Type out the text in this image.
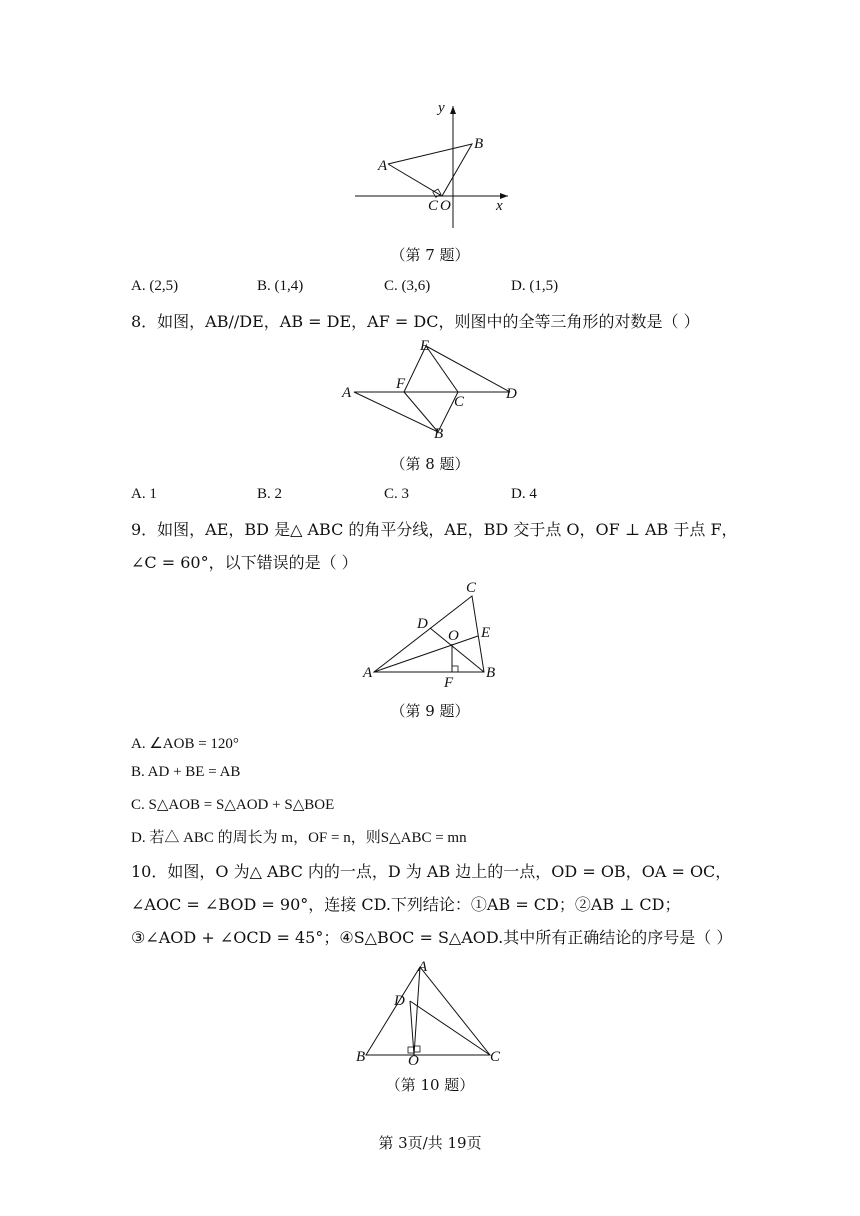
y
B
A
C O	x
（第 7 题）
A. (2,5)	B. (1,4)	C. (3,6)	D. (1,5)
8．如图，AB//DE，AB = DE，AF = DC，则图中的全等三角形的对数是（ ）
E
F
A
C	D
B
（第 8 题）
A. 1	B. 2	C. 3	D. 4
9．如图，AE，BD 是△ ABC 的角平分线，AE，BD 交于点 O，OF ⊥ AB 于点 F，
∠C = 60°，以下错误的是（ ）
C
D
O E
A
F
B
（第 9 题）
A. ∠AOB = 120°
B. AD + BE = AB
C. S△AOB = S△AOD + S△BOE
D. 若△ ABC 的周长为 m，OF = n，则S△ABC = mn
10．如图，O 为△ ABC 内的一点，D 为 AB 边上的一点，OD = OB，OA = OC，
∠AOC = ∠BOD = 90°，连接 CD.下列结论：①AB = CD；②AB ⊥ CD；
③∠AOD + ∠OCD = 45°；④S△BOC = S△AOD.其中所有正确结论的序号是（ ）
A
D
B	O	C
（第 10 题）
第 3页/共 19页
